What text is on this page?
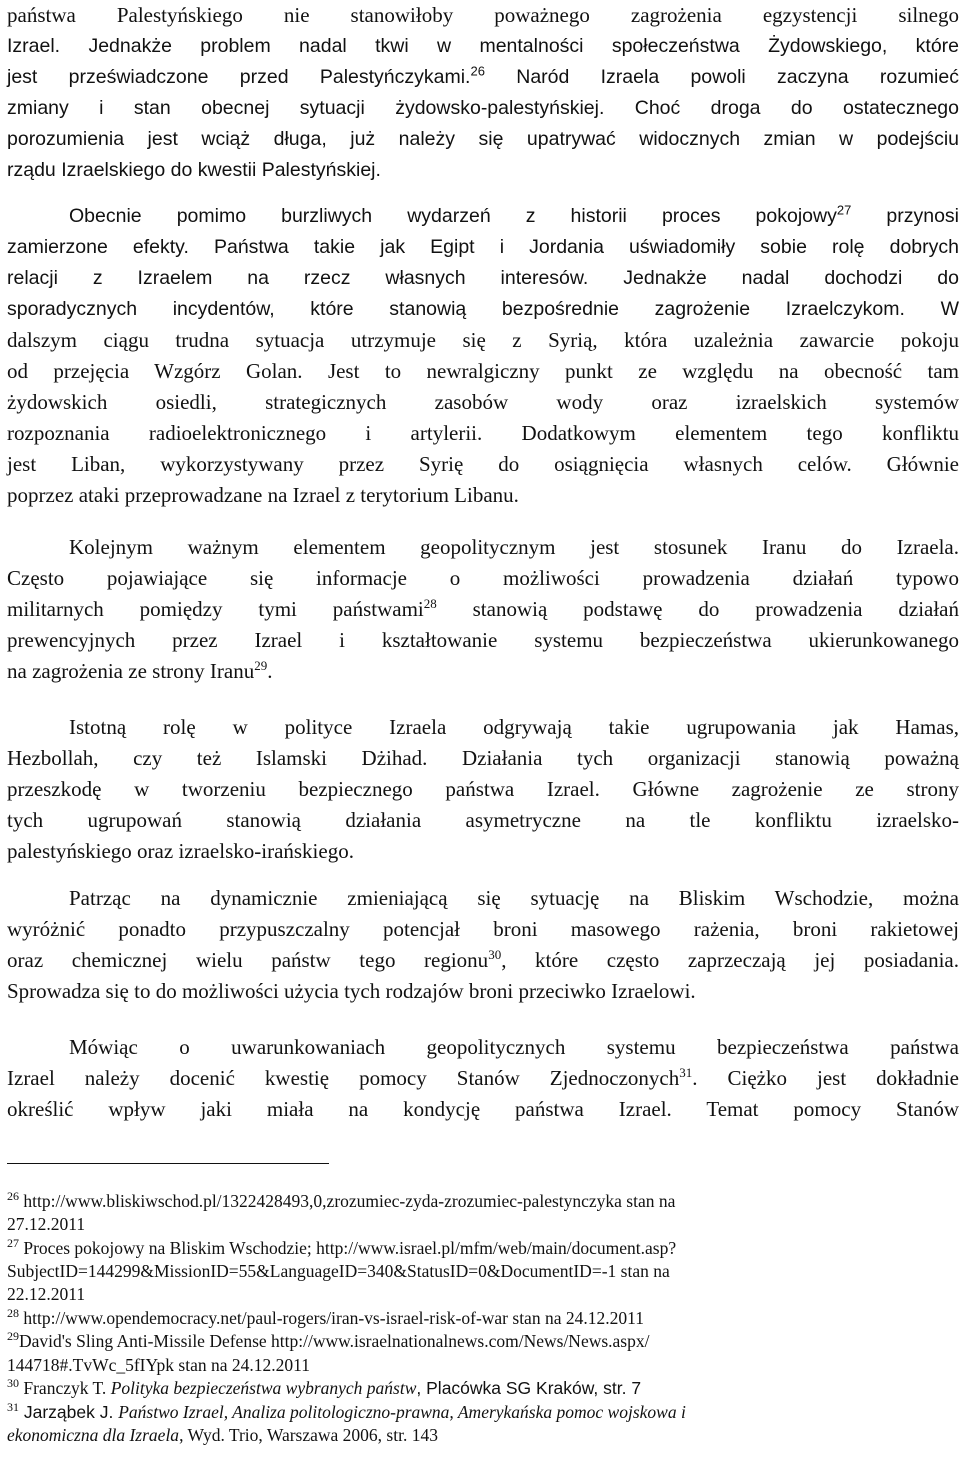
państwa Palestyńskiego nie stanowiłoby poważnego zagrożenia egzystencji silnego
Izrael. Jednakże problem nadal tkwi w mentalności społeczeństwa Żydowskiego, które
jest przeświadczone przed Palestyńczykami.$^{26}$ Naród Izraela powoli zaczyna rozumieć
zmiany i stan obecnej sytuacji żydowsko-palestyńskiej. Choć droga do ostatecznego
porozumienia jest wciąż długa, już należy się upatrywać widocznych zmian w podejściu
rządu Izraelskiego do kwestii Palestyńskiej.
Obecnie pomimo burzliwych wydarzeń z historii proces pokojowy$^{27}$ przynosi
zamierzone efekty. Państwa takie jak Egipt i Jordania uświadomiły sobie rolę dobrych
relacji z Izraelem na rzecz własnych interesów. Jednakże nadal dochodzi do
sporadycznych incydentów, które stanowią bezpośrednie zagrożenie Izraelczykom. W
dalszym ciągu trudna sytuacja utrzymuje się z Syrią, która uzależnia zawarcie pokoju
od przejęcia Wzgórz Golan. Jest to newralgiczny punkt ze względu na obecność tam
żydowskich osiedli, strategicznych zasobów wody oraz izraelskich systemów
rozpoznania radioelektronicznego i artylerii. Dodatkowym elementem tego konfliktu
jest Liban, wykorzystywany przez Syrię do osiągnięcia własnych celów. Głównie
poprzez ataki przeprowadzane na Izrael z terytorium Libanu.
Kolejnym ważnym elementem geopolitycznym jest stosunek Iranu do Izraela.
Często pojawiające się informacje o możliwości prowadzenia działań typowo
militarnych pomiędzy tymi państwami$^{28}$ stanowią podstawę do prowadzenia działań
prewencyjnych przez Izrael i kształtowanie systemu bezpieczeństwa ukierunkowanego
na zagrożenia ze strony Iranu$^{29}$.
Istotną rolę w polityce Izraela odgrywają takie ugrupowania jak Hamas,
Hezbollah, czy też Islamski Dżihad. Działania tych organizacji stanowią poważną
przeszkodę w tworzeniu bezpiecznego państwa Izrael. Główne zagrożenie ze strony
tych ugrupowań stanowią działania asymetryczne na tle konfliktu izraelsko-
palestyńskiego oraz izraelsko-irańskiego.
Patrząc na dynamicznie zmieniającą się sytuację na Bliskim Wschodzie, można
wyróżnić ponadto przypuszczalny potencjał broni masowego rażenia, broni rakietowej
oraz chemicznej wielu państw tego regionu$^{30}$, które często zaprzeczają jej posiadania.
Sprowadza się to do możliwości użycia tych rodzajów broni przeciwko Izraelowi.
Mówiąc o uwarunkowaniach geopolitycznych systemu bezpieczeństwa państwa
Izrael należy docenić kwestię pomocy Stanów Zjednoczonych$^{31}$. Ciężko jest dokładnie
określić wpływ jaki miała na kondycję państwa Izrael. Temat pomocy Stanów
$^{26}$ http://www.bliskiwschod.pl/1322428493,0,zrozumiec-zyda-zrozumiec-palestynczyka stan na
27.12.2011
$^{27}$ Proces pokojowy na Bliskim Wschodzie; http://www.israel.pl/mfm/web/main/document.asp?
SubjectID=144299&MissionID=55&LanguageID=340&StatusID=0&DocumentID=-1 stan na
22.12.2011
$^{28}$ http://www.opendemocracy.net/paul-rogers/iran-vs-israel-risk-of-war stan na 24.12.2011
$^{29}$David's Sling Anti-Missile Defense http://www.israelnationalnews.com/News/News.aspx/
144718#.TvWc_5fIYpk stan na 24.12.2011
$^{30}$ Franczyk T. Polityka bezpieczeństwa wybranych państw, Placówka SG Kraków, str. 7
$^{31}$ Jarząbek J. Państwo Izrael, Analiza politologiczno-prawna, Amerykańska pomoc wojskowa i
ekonomiczna dla Izraela, Wyd. Trio, Warszawa 2006, str. 143
